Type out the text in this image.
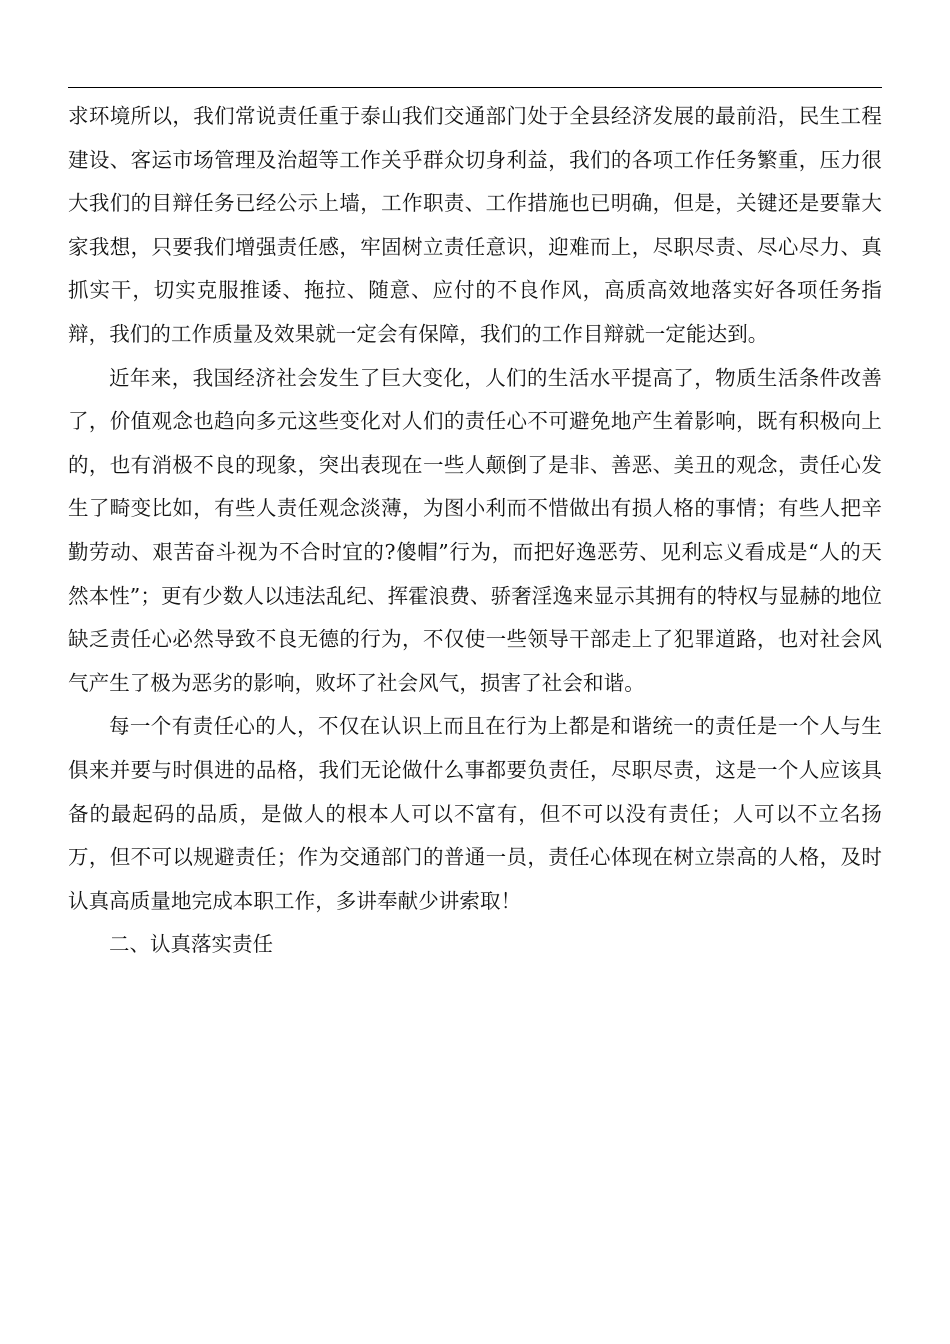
求环境所以，我们常说责任重于泰山我们交通部门处于全县经济发展的最前沿，民生工程建设、客运市场管理及治超等工作关乎群众切身利益，我们的各项工作任务繁重，压力很大我们的目辩任务已经公示上墙，工作职责、工作措施也已明确，但是，关键还是要靠大家我想，只要我们增强责任感，牢固树立责任意识，迎难而上，尽职尽责、尽心尽力、真抓实干，切实克服推诿、拖拉、随意、应付的不良作风，高质高效地落实好各项任务指辩，我们的工作质量及效果就一定会有保障，我们的工作目辩就一定能达到。

近年来，我国经济社会发生了巨大变化，人们的生活水平提高了，物质生活条件改善了，价值观念也趋向多元这些变化对人们的责任心不可避免地产生着影响，既有积极向上的，也有消极不良的现象，突出表现在一些人颠倒了是非、善恶、美丑的观念，责任心发生了畸变比如，有些人责任观念淡薄，为图小利而不惜做出有损人格的事情；有些人把辛勤劳动、艰苦奋斗视为不合时宜的?傻帽”行为，而把好逸恶劳、见利忘义看成是“人的天然本性”；更有少数人以违法乱纪、挥霍浪费、骄奢淫逸来显示其拥有的特权与显赫的地位缺乏责任心必然导致不良无德的行为，不仅使一些领导干部走上了犯罪道路，也对社会风气产生了极为恶劣的影响，败坏了社会风气，损害了社会和谐。

每一个有责任心的人，不仅在认识上而且在行为上都是和谐统一的责任是一个人与生俱来并要与时俱进的品格，我们无论做什么事都要负责任，尽职尽责，这是一个人应该具备的最起码的品质，是做人的根本人可以不富有，但不可以没有责任；人可以不立名扬万，但不可以规避责任；作为交通部门的普通一员，责任心体现在树立崇高的人格，及时认真高质量地完成本职工作，多讲奉献少讲索取！

二、认真落实责任
